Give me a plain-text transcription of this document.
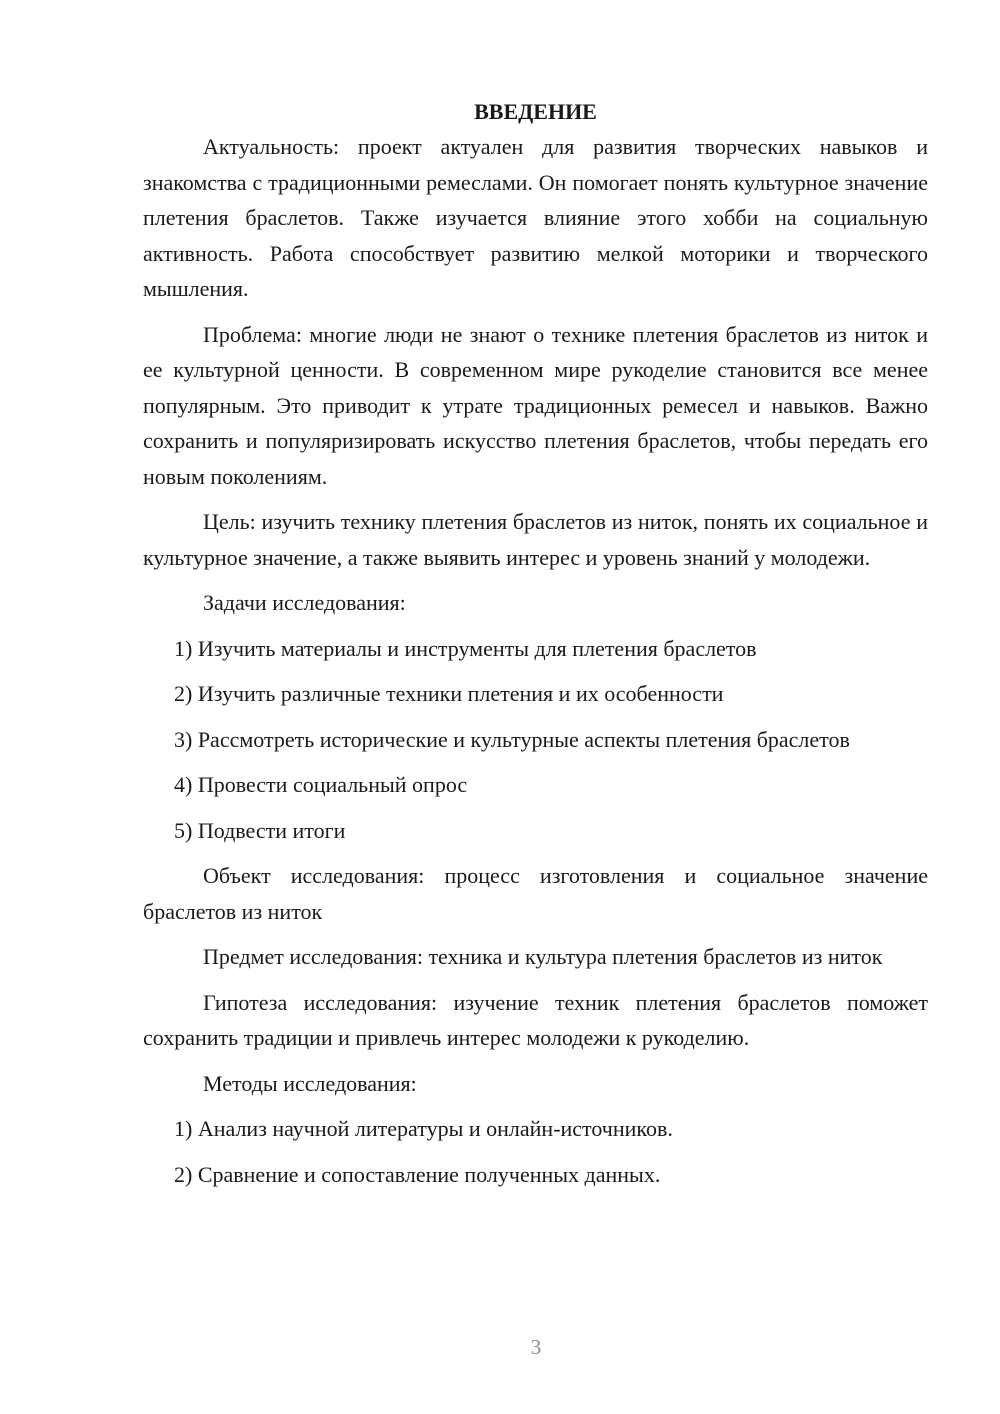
ВВЕДЕНИЕ

Актуальность: проект актуален для развития творческих навыков и знакомства с традиционными ремеслами. Он помогает понять культурное значение плетения браслетов. Также изучается влияние этого хобби на социальную активность. Работа способствует развитию мелкой моторики и творческого мышления.

Проблема: многие люди не знают о технике плетения браслетов из ниток и ее культурной ценности. В современном мире рукоделие становится все менее популярным. Это приводит к утрате традиционных ремесел и навыков. Важно сохранить и популяризировать искусство плетения браслетов, чтобы передать его новым поколениям.

Цель: изучить технику плетения браслетов из ниток, понять их социальное и культурное значение, а также выявить интерес и уровень знаний у молодежи.

Задачи исследования:

1) Изучить материалы и инструменты для плетения браслетов

2) Изучить различные техники плетения и их особенности

3) Рассмотреть исторические и культурные аспекты плетения браслетов

4) Провести социальный опрос

5) Подвести итоги

Объект исследования: процесс изготовления и социальное значение браслетов из ниток

Предмет исследования: техника и культура плетения браслетов из ниток

Гипотеза исследования: изучение техник плетения браслетов поможет сохранить традиции и привлечь интерес молодежи к рукоделию.

Методы исследования:

1) Анализ научной литературы и онлайн-источников.

2) Сравнение и сопоставление полученных данных.

3
